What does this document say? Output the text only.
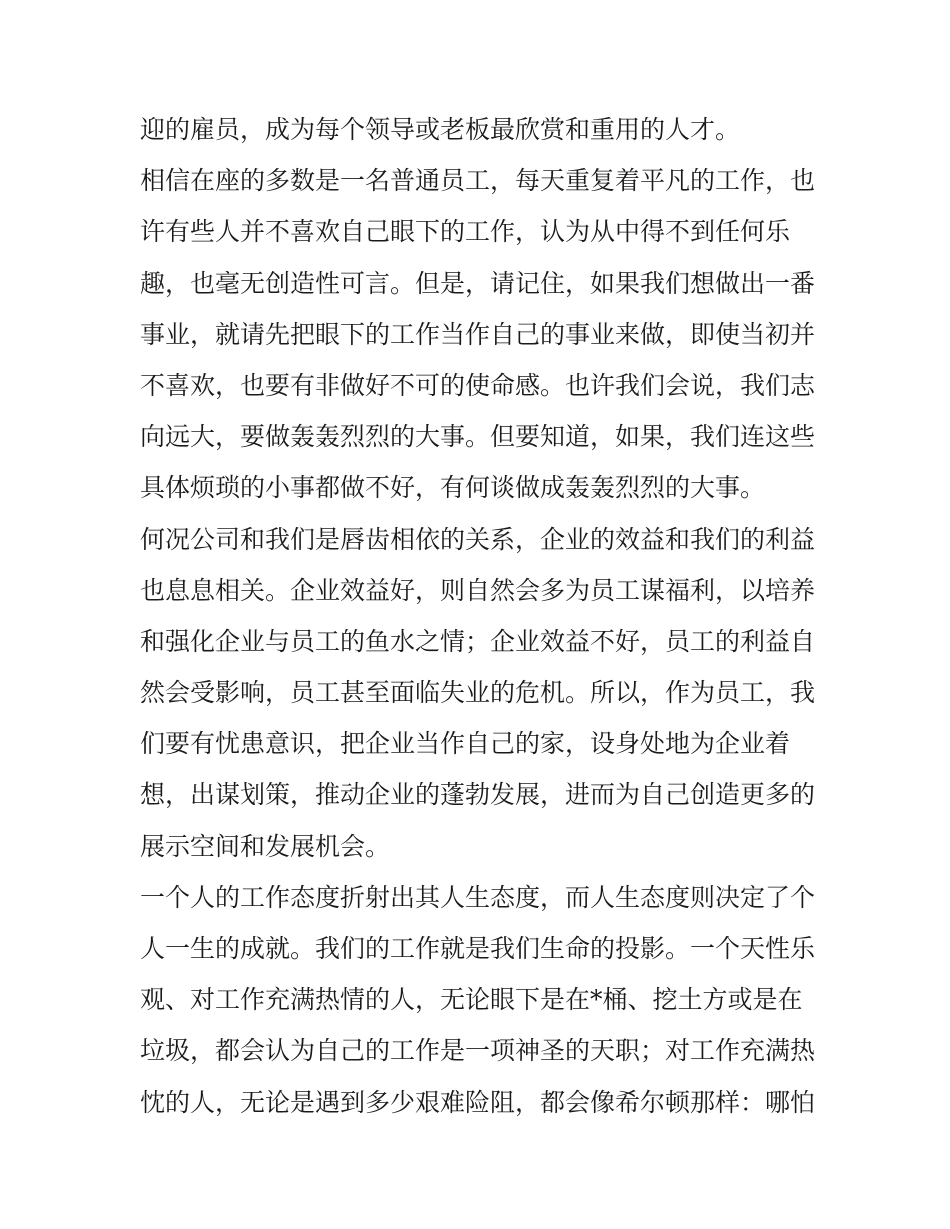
迎的雇员，成为每个领导或老板最欣赏和重用的人才。
相信在座的多数是一名普通员工，每天重复着平凡的工作，也
许有些人并不喜欢自己眼下的工作，认为从中得不到任何乐
趣，也毫无创造性可言。但是，请记住，如果我们想做出一番
事业，就请先把眼下的工作当作自己的事业来做，即使当初并
不喜欢，也要有非做好不可的使命感。也许我们会说，我们志
向远大，要做轰轰烈烈的大事。但要知道，如果，我们连这些
具体烦琐的小事都做不好，有何谈做成轰轰烈烈的大事。
何况公司和我们是唇齿相依的关系，企业的效益和我们的利益
也息息相关。企业效益好，则自然会多为员工谋福利，以培养
和强化企业与员工的鱼水之情；企业效益不好，员工的利益自
然会受影响，员工甚至面临失业的危机。所以，作为员工，我
们要有忧患意识，把企业当作自己的家，设身处地为企业着
想，出谋划策，推动企业的蓬勃发展，进而为自己创造更多的
展示空间和发展机会。
一个人的工作态度折射出其人生态度，而人生态度则决定了个
人一生的成就。我们的工作就是我们生命的投影。一个天性乐
观、对工作充满热情的人，无论眼下是在*桶、挖土方或是在
垃圾，都会认为自己的工作是一项神圣的天职；对工作充满热
忱的人，无论是遇到多少艰难险阻，都会像希尔顿那样：哪怕
